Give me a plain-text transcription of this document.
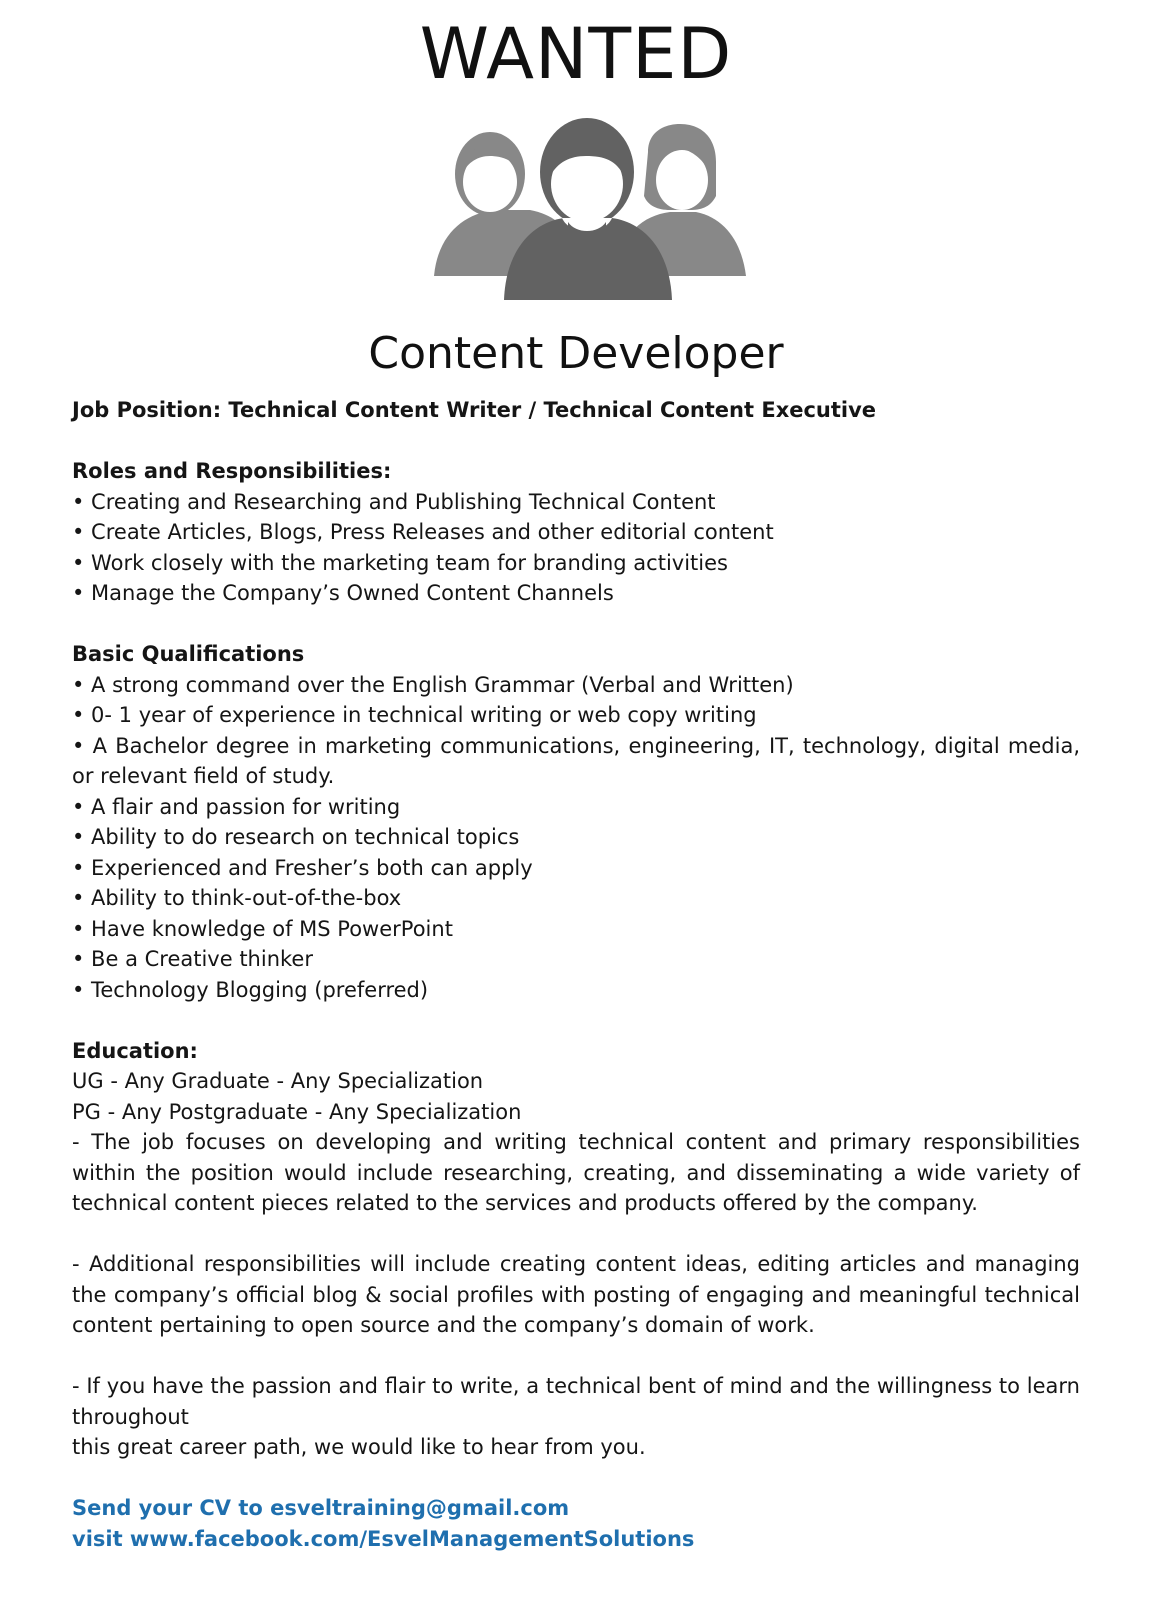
WANTED
Content Developer
Job Position: Technical Content Writer / Technical Content Executive
Roles and Responsibilities:
• Creating and Researching and Publishing Technical Content
• Create Articles, Blogs, Press Releases and other editorial content
• Work closely with the marketing team for branding activities
• Manage the Company’s Owned Content Channels
Basic Qualifications
• A strong command over the English Grammar (Verbal and Written)
• 0- 1 year of experience in technical writing or web copy writing
• A Bachelor degree in marketing communications, engineering, IT, technology, digital media, or relevant field of study.
• A flair and passion for writing
• Ability to do research on technical topics
• Experienced and Fresher’s both can apply
• Ability to think-out-of-the-box
• Have knowledge of MS PowerPoint
• Be a Creative thinker
• Technology Blogging (preferred)
Education:
UG - Any Graduate - Any Specialization
PG - Any Postgraduate - Any Specialization
- The job focuses on developing and writing technical content and primary responsibilities within the position would include researching, creating, and disseminating a wide variety of technical content pieces related to the services and products offered by the company.
- Additional responsibilities will include creating content ideas, editing articles and managing the company’s official blog & social profiles with posting of engaging and meaningful technical content pertaining to open source and the company’s domain of work.
- If you have the passion and flair to write, a technical bent of mind and the willingness to learn throughout
this great career path, we would like to hear from you.
Send your CV to esveltraining@gmail.com
visit www.facebook.com/EsvelManagementSolutions
